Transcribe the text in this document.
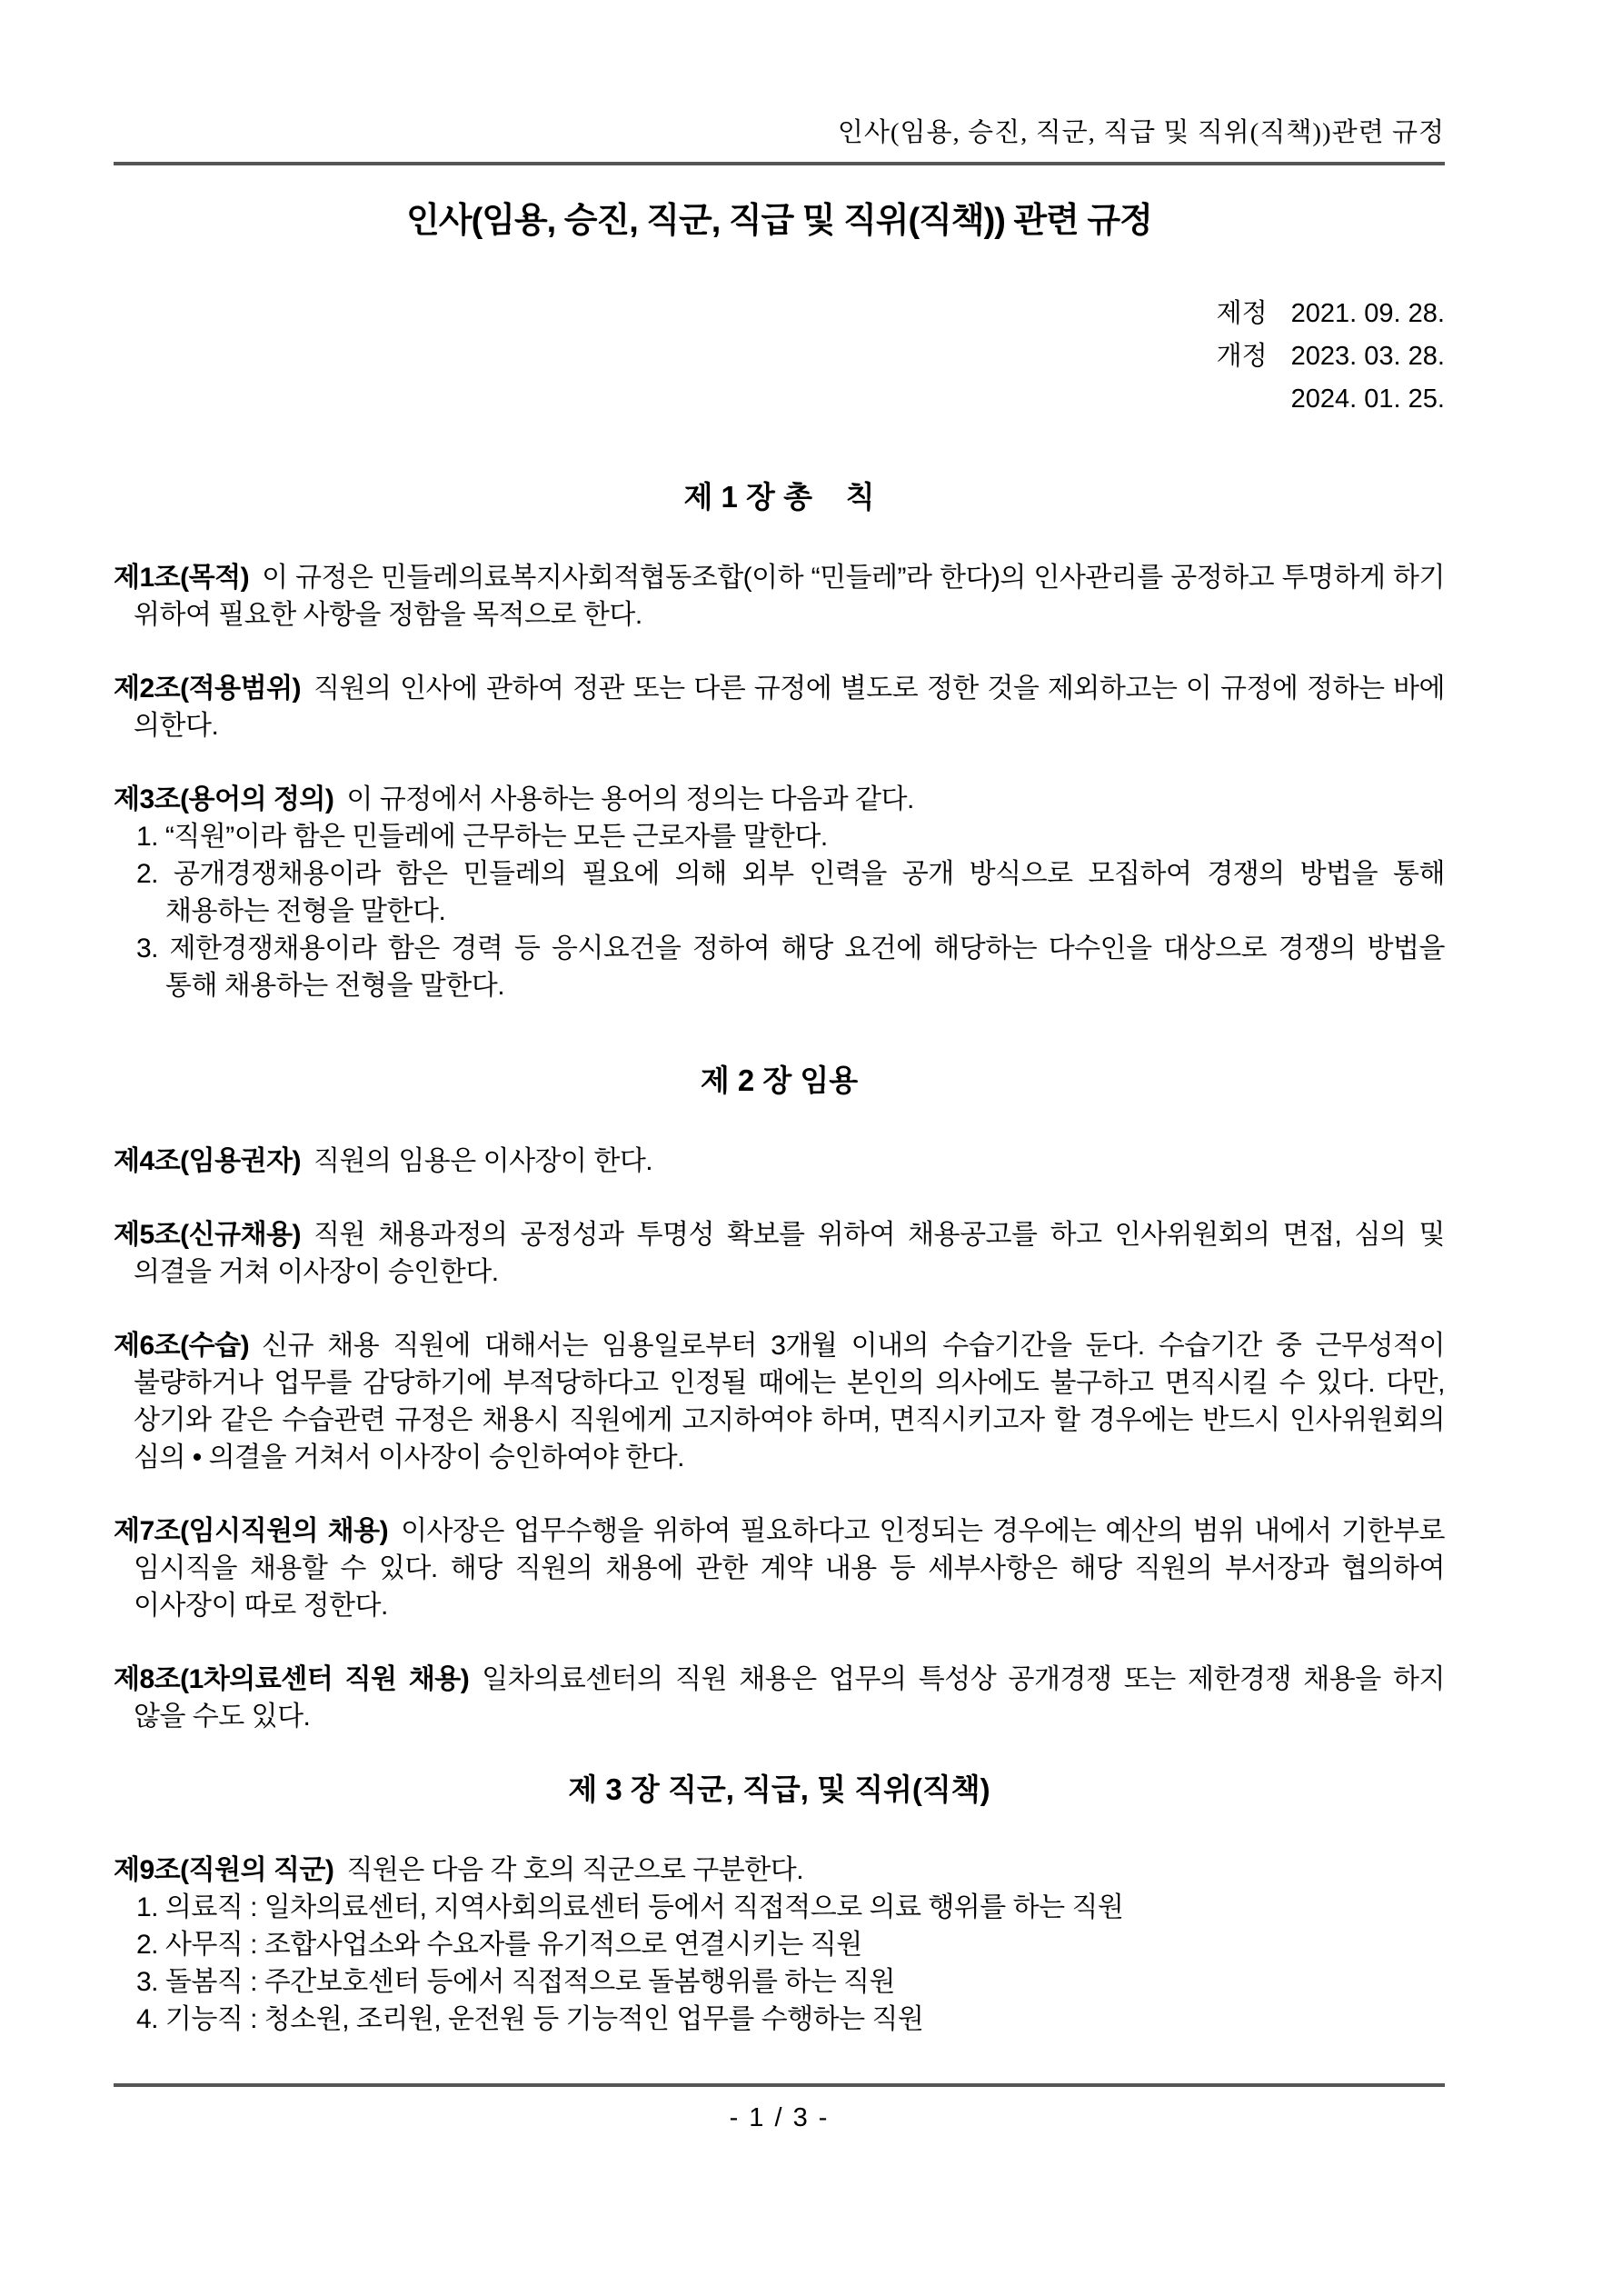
인사(임용, 승진, 직군, 직급 및 직위(직책))관련 규정
인사(임용, 승진, 직군, 직급 및 직위(직책)) 관련 규정
제정 2021. 09. 28.
개정 2023. 03. 28.
2024. 01. 25.
제 1 장 총    칙

제1조(목적) 이 규정은 민들레의료복지사회적협동조합(이하 “민들레”라 한다)의 인사관리를 공정하고 투명하게 하기 위하여 필요한 사항을 정함을 목적으로 한다.

제2조(적용범위) 직원의 인사에 관하여 정관 또는 다른 규정에 별도로 정한 것을 제외하고는 이 규정에 정하는 바에 의한다.

제3조(용어의 정의) 이 규정에서 사용하는 용어의 정의는 다음과 같다.

1. “직원”이라 함은 민들레에 근무하는 모든 근로자를 말한다.
2. 공개경쟁채용이라 함은 민들레의 필요에 의해 외부 인력을 공개 방식으로 모집하여 경쟁의 방법을 통해 채용하는 전형을 말한다.
3. 제한경쟁채용이라 함은 경력 등 응시요건을 정하여 해당 요건에 해당하는 다수인을 대상으로 경쟁의 방법을 통해 채용하는 전형을 말한다.
제 2 장 임용

제4조(임용권자) 직원의 임용은 이사장이 한다.

제5조(신규채용) 직원 채용과정의 공정성과 투명성 확보를 위하여 채용공고를 하고 인사위원회의 면접, 심의 및 의결을 거쳐 이사장이 승인한다.

제6조(수습) 신규 채용 직원에 대해서는 임용일로부터 3개월 이내의 수습기간을 둔다. 수습기간 중 근무성적이 불량하거나 업무를 감당하기에 부적당하다고 인정될 때에는 본인의 의사에도 불구하고 면직시킬 수 있다. 다만, 상기와 같은 수습관련 규정은 채용시 직원에게 고지하여야 하며, 면직시키고자 할 경우에는 반드시 인사위원회의 심의 • 의결을 거쳐서 이사장이 승인하여야 한다.

제7조(임시직원의 채용) 이사장은 업무수행을 위하여 필요하다고 인정되는 경우에는 예산의 범위 내에서 기한부로 임시직을 채용할 수 있다. 해당 직원의 채용에 관한 계약 내용 등 세부사항은 해당 직원의 부서장과 협의하여 이사장이 따로 정한다.

제8조(1차의료센터 직원 채용) 일차의료센터의 직원 채용은 업무의 특성상 공개경쟁 또는 제한경쟁 채용을 하지 않을 수도 있다.

제 3 장 직군, 직급, 및 직위(직책)

제9조(직원의 직군) 직원은 다음 각 호의 직군으로 구분한다.

1. 의료직 : 일차의료센터, 지역사회의료센터 등에서 직접적으로 의료 행위를 하는 직원
2. 사무직 : 조합사업소와 수요자를 유기적으로 연결시키는 직원
3. 돌봄직 : 주간보호센터 등에서 직접적으로 돌봄행위를 하는 직원
4. 기능직 : 청소원, 조리원, 운전원 등 기능적인 업무를 수행하는 직원
- 1 / 3 -
